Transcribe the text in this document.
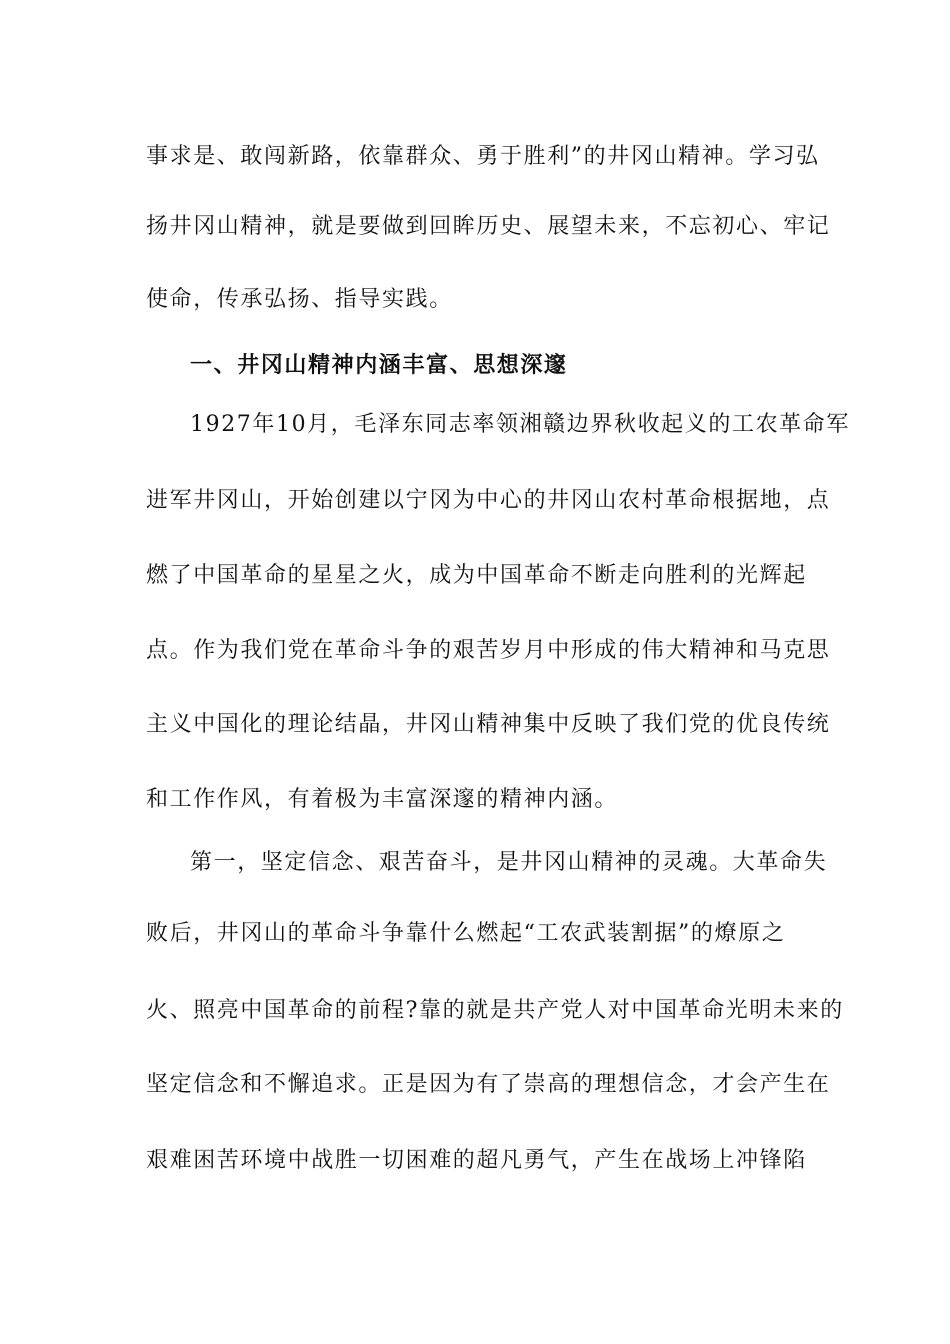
事求是、敢闯新路，依靠群众、勇于胜利”的井冈山精神。学习弘
扬井冈山精神，就是要做到回眸历史、展望未来，不忘初心、牢记
使命，传承弘扬、指导实践。
一、井冈山精神内涵丰富、思想深邃
1927年10月，毛泽东同志率领湘赣边界秋收起义的工农革命军
进军井冈山，开始创建以宁冈为中心的井冈山农村革命根据地，点
燃了中国革命的星星之火，成为中国革命不断走向胜利的光辉起
点。作为我们党在革命斗争的艰苦岁月中形成的伟大精神和马克思
主义中国化的理论结晶，井冈山精神集中反映了我们党的优良传统
和工作作风，有着极为丰富深邃的精神内涵。
第一，坚定信念、艰苦奋斗，是井冈山精神的灵魂。大革命失
败后，井冈山的革命斗争靠什么燃起“工农武装割据”的燎原之
火、照亮中国革命的前程?靠的就是共产党人对中国革命光明未来的
坚定信念和不懈追求。正是因为有了崇高的理想信念，才会产生在
艰难困苦环境中战胜一切困难的超凡勇气，产生在战场上冲锋陷
